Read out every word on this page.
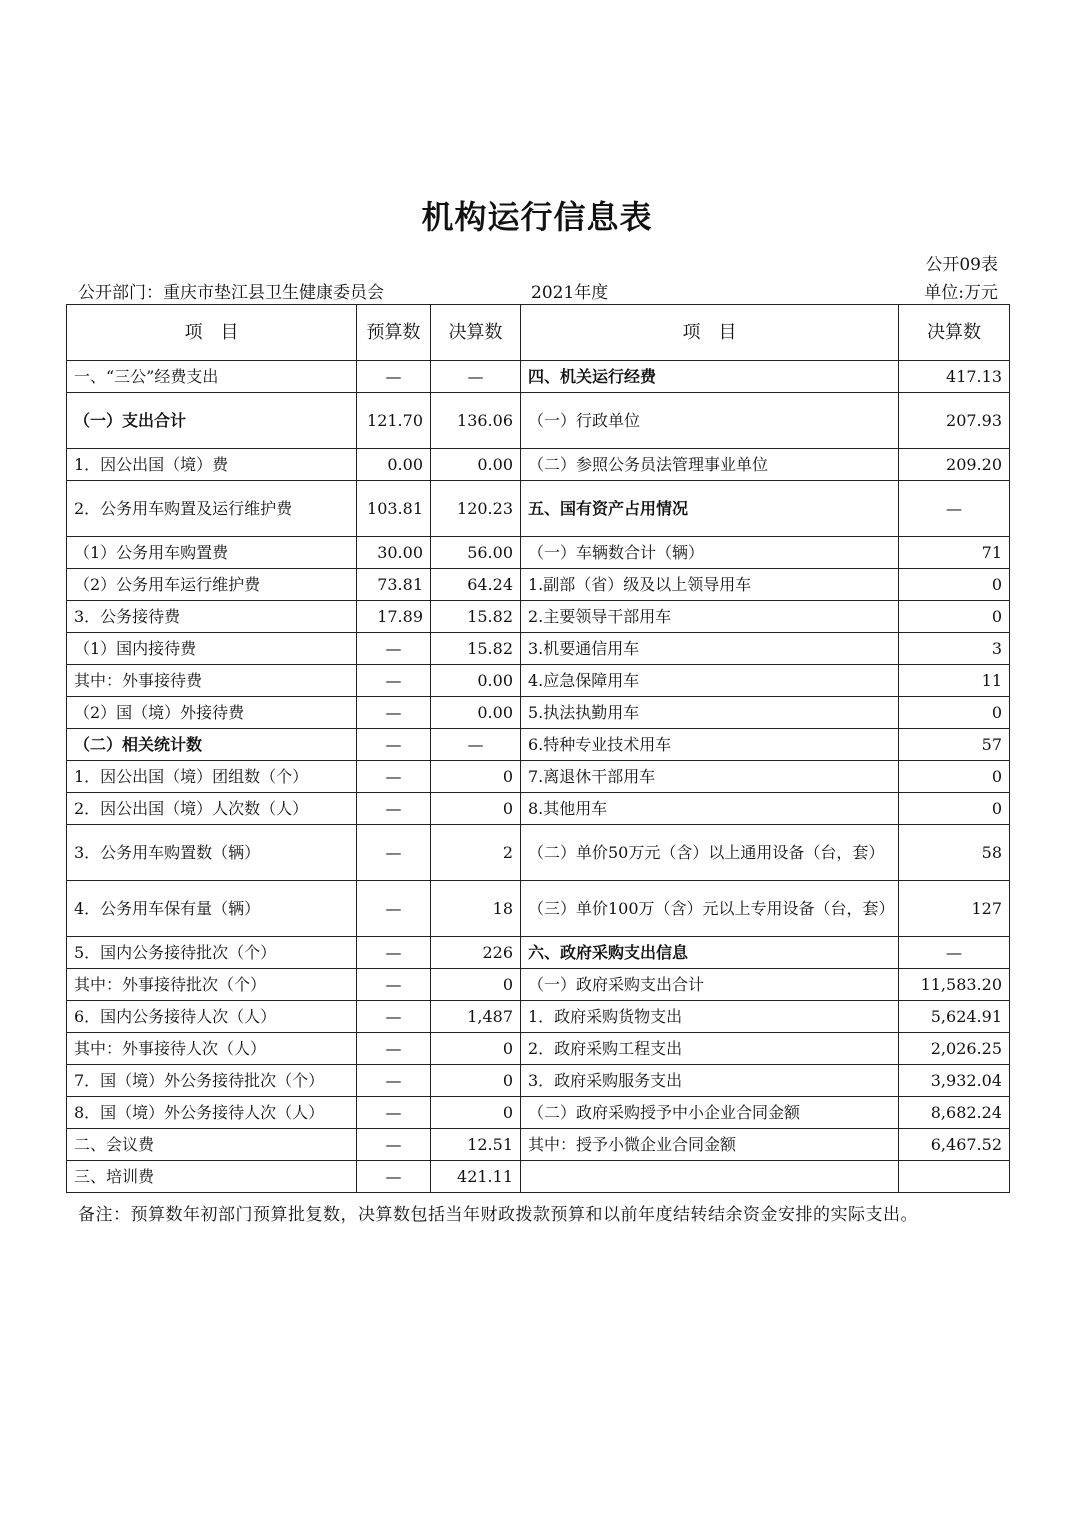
机构运行信息表
公开09表
公开部门：重庆市垫江县卫生健康委员会	2021年度	单位:万元
项　目	预算数	决算数	项　目	决算数
一、“三公”经费支出	—	—	四、机关运行经费	417.13
（一）支出合计	121.70	136.06	（一）行政单位	207.93
1．因公出国（境）费	0.00	0.00	（二）参照公务员法管理事业单位	209.20
2．公务用车购置及运行维护费	103.81	120.23	五、国有资产占用情况	—
（1）公务用车购置费	30.00	56.00	（一）车辆数合计（辆）	71
（2）公务用车运行维护费	73.81	64.24	1.副部（省）级及以上领导用车	0
3．公务接待费	17.89	15.82	2.主要领导干部用车	0
（1）国内接待费	—	15.82	3.机要通信用车	3
其中：外事接待费	—	0.00	4.应急保障用车	11
（2）国（境）外接待费	—	0.00	5.执法执勤用车	0
（二）相关统计数	—	—	6.特种专业技术用车	57
1．因公出国（境）团组数（个）	—	0	7.离退休干部用车	0
2．因公出国（境）人次数（人）	—	0	8.其他用车	0
3．公务用车购置数（辆）	—	2	（二）单价50万元（含）以上通用设备（台，套）	58
4．公务用车保有量（辆）	—	18	（三）单价100万（含）元以上专用设备（台，套）	127
5．国内公务接待批次（个）	—	226	六、政府采购支出信息	—
其中：外事接待批次（个）	—	0	（一）政府采购支出合计	11,583.20
6．国内公务接待人次（人）	—	1,487	1．政府采购货物支出	5,624.91
其中：外事接待人次（人）	—	0	2．政府采购工程支出	2,026.25
7．国（境）外公务接待批次（个）	—	0	3．政府采购服务支出	3,932.04
8．国（境）外公务接待人次（人）	—	0	（二）政府采购授予中小企业合同金额	8,682.24
二、会议费	—	12.51	其中：授予小微企业合同金额	6,467.52
三、培训费	—	421.11		
备注：预算数年初部门预算批复数，决算数包括当年财政拨款预算和以前年度结转结余资金安排的实际支出。
